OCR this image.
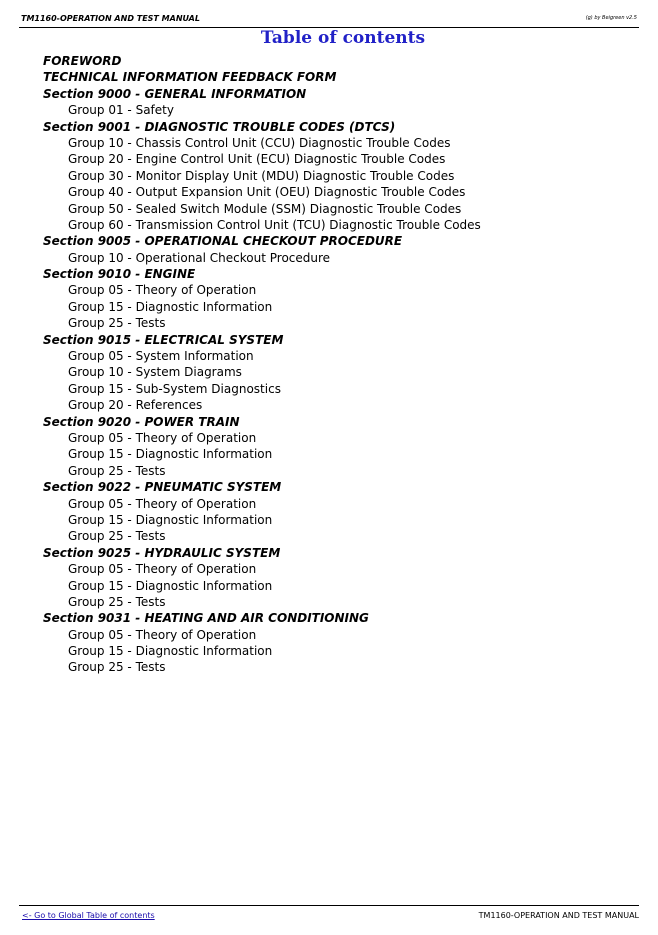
TM1160-OPERATION AND TEST MANUAL	(g) by Beigreen v2.5
Table of contents
FOREWORD
TECHNICAL INFORMATION FEEDBACK FORM
Section 9000 - GENERAL INFORMATION
Group 01 - Safety
Section 9001 - DIAGNOSTIC TROUBLE CODES (DTCS)
Group 10 - Chassis Control Unit (CCU) Diagnostic Trouble Codes
Group 20 - Engine Control Unit (ECU) Diagnostic Trouble Codes
Group 30 - Monitor Display Unit (MDU) Diagnostic Trouble Codes
Group 40 - Output Expansion Unit (OEU) Diagnostic Trouble Codes
Group 50 - Sealed Switch Module (SSM) Diagnostic Trouble Codes
Group 60 - Transmission Control Unit (TCU) Diagnostic Trouble Codes
Section 9005 - OPERATIONAL CHECKOUT PROCEDURE
Group 10 - Operational Checkout Procedure
Section 9010 - ENGINE
Group 05 - Theory of Operation
Group 15 - Diagnostic Information
Group 25 - Tests
Section 9015 - ELECTRICAL SYSTEM
Group 05 - System Information
Group 10 - System Diagrams
Group 15 - Sub-System Diagnostics
Group 20 - References
Section 9020 - POWER TRAIN
Group 05 - Theory of Operation
Group 15 - Diagnostic Information
Group 25 - Tests
Section 9022 - PNEUMATIC SYSTEM
Group 05 - Theory of Operation
Group 15 - Diagnostic Information
Group 25 - Tests
Section 9025 - HYDRAULIC SYSTEM
Group 05 - Theory of Operation
Group 15 - Diagnostic Information
Group 25 - Tests
Section 9031 - HEATING AND AIR CONDITIONING
Group 05 - Theory of Operation
Group 15 - Diagnostic Information
Group 25 - Tests
<- Go to Global Table of contents	TM1160-OPERATION AND TEST MANUAL
